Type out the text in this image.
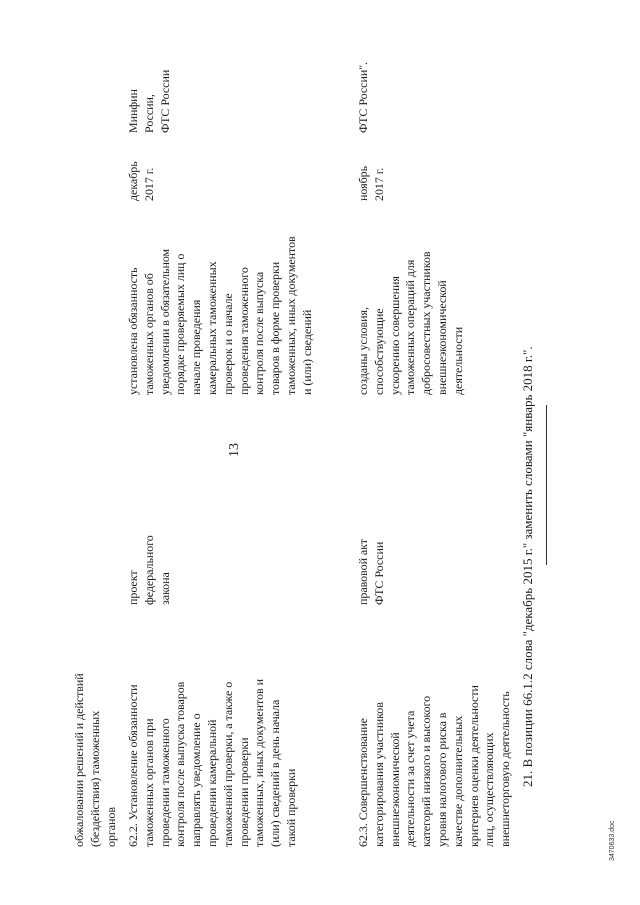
13
обжаловании решений и действий
(бездействия) таможенных
органов 62.2. Установление обязанности
таможенных органов при
проведении таможенного
контроля после выпуска товаров
направлять уведомление о
проведении камеральной
таможенной проверки, а также о
проведении проверки
таможенных, иных документов и
(или) сведений в день начала
такой проверки
проект
федерального
закона
установлена обязанность
таможенных органов об
уведомлении в обязательном
порядке проверяемых лиц о
начале проведения
камеральных таможенных
проверок и о начале
проведения таможенного
контроля после выпуска
товаров в форме проверки
таможенных, иных документов
и (или) сведений
декабрь
2017 г.
Минфин России,
ФТС России
62.3. Совершенствование
категорирования участников
внешнеэкономической
деятельности за счет учета
категорий низкого и высокого
уровня налогового риска в
качестве дополнительных
критериев оценки деятельности
лиц, осуществляющих
внешнеторговую деятельность
правовой акт
ФТС России
созданы условия,
способствующие
ускорению совершения
таможенных операций для
добросовестных участников
внешнеэкономической
деятельности
ноябрь
2017 г.
ФТС России".
21. В позиции 66.1.2 слова "декабрь 2015 г." заменить словами "январь 2018 г.".
3470633.doc
